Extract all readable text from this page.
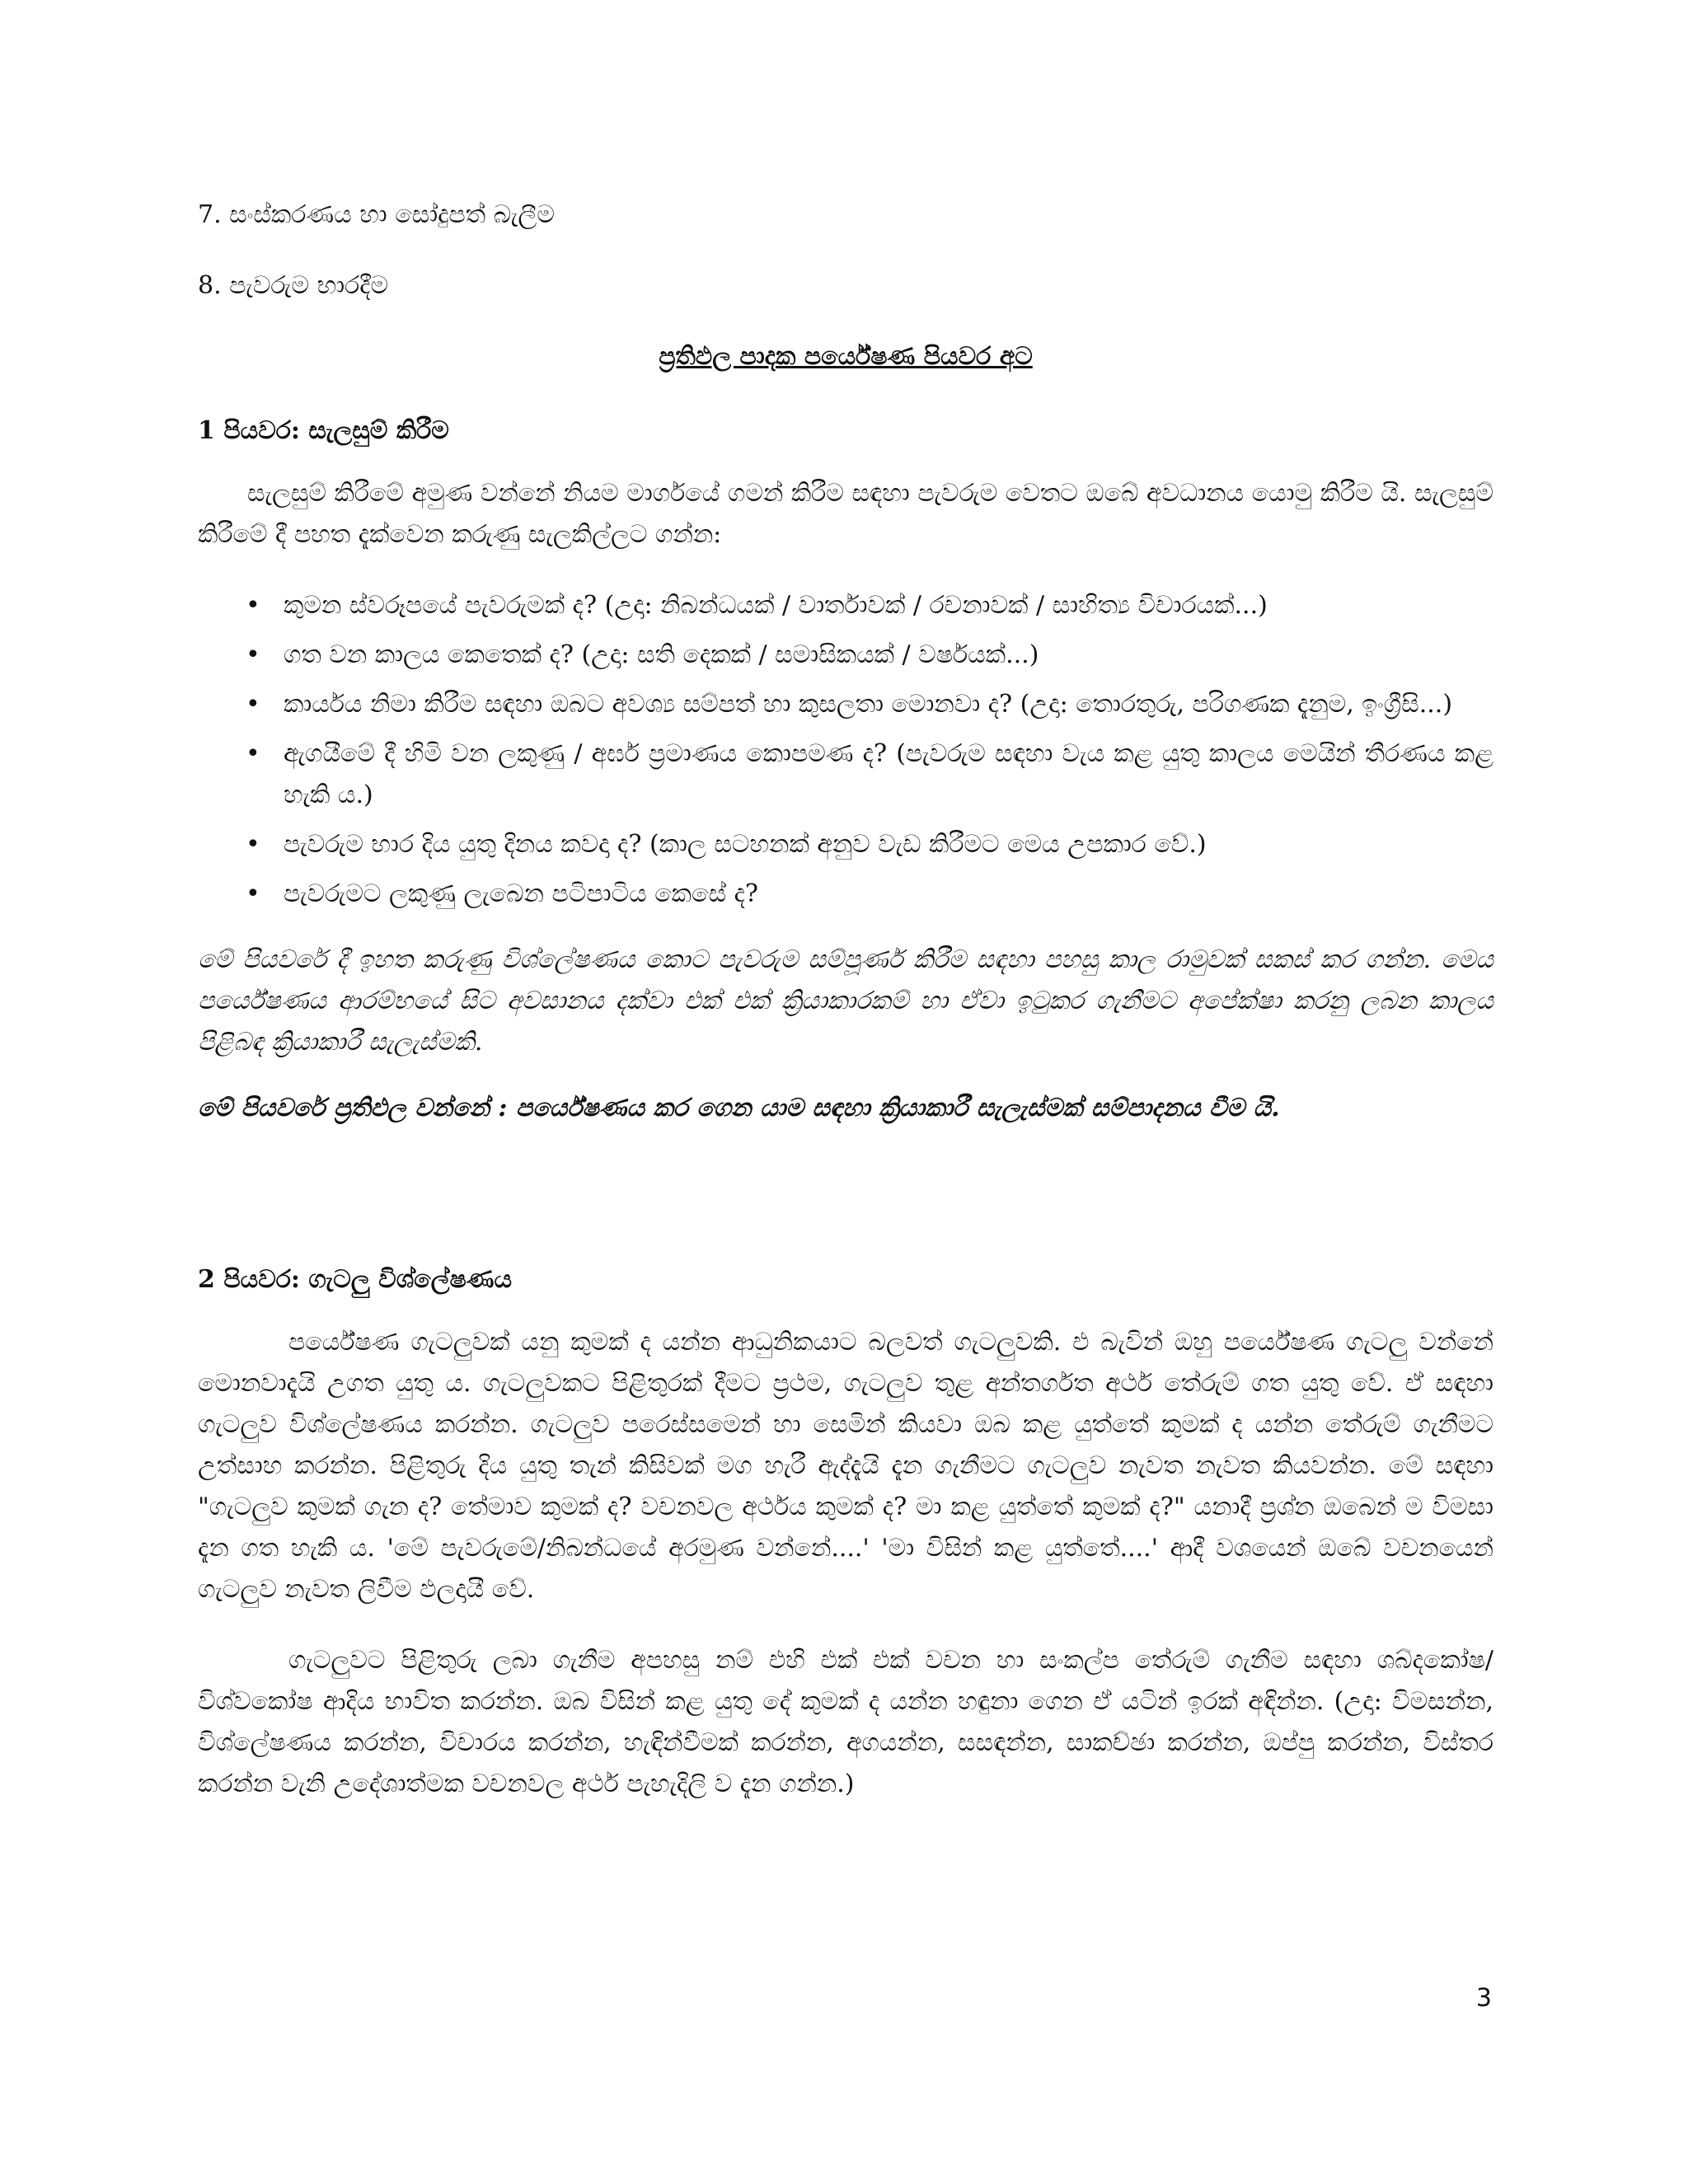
7. සංස්කරණය හා සෝදුපත් බැලීම

8. පැවරුම භාරදීම

ප්‍රතිඵල පාදක පර්යේෂණ පියවර අට

1 පියවර: සැලසුම් කිරීම

සැලසුම් කිරීමේ අමුණ වන්නේ නියම මාර්ගයේ ගමන් කිරීම සඳහා පැවරුම වෙතට ඔබේ අවධානය යොමු කිරීම යි. සැලසුම් කිරීමේ දී පහත දැක්වෙන කරුණු සැලකිල්ලට ගන්න:

• කුමන ස්වරූපයේ පැවරුමක් ද? (උදා: නිබන්ධයක් / වාර්තාවක් / රචනාවක් / සාහිත්‍ය විචාරයක්...)
• ගත වන කාලය කෙතෙක් ද? (උදා: සති දෙකක් / සමාසිකයක් / වර්ෂයක්...)
• කාර්යය නිමා කිරීම සඳහා ඔබට අවශ්‍ය සම්පත් හා කුසලතා මොනවා ද? (උදා: තොරතුරු, පරිගණක දැනුම, ඉංග්‍රීසි...)
• ඇගයීමේ දී හිමි වන ලකුණු / අර්ඝ ප්‍රමාණය කොපමණ ද? (පැවරුම සඳහා වැය කළ යුතු කාලය මෙයින් තීරණය කළ හැකි ය.)
• පැවරුම භාර දිය යුතු දිනය කවදා ද? (කාල සටහනක් අනුව වැඩ කිරීමට මෙය උපකාර වේ.)
• පැවරුමට ලකුණු ලැබෙන පටිපාටිය කෙසේ ද?

මේ පියවරේ දී ඉහත කරුණු විශ්ලේෂණය කොට පැවරුම සම්පූර්ණ කිරීම සඳහා පහසු කාල රාමුවක් සකස් කර ගන්න. මෙය පර්යේෂණය ආරම්භයේ සිට අවසානය දක්වා එක් එක් ක්‍රියාකාරකම් හා ඒවා ඉටුකර ගැනීමට අපේක්ෂා කරනු ලබන කාලය පිළිබඳ ක්‍රියාකාරී සැලැස්මකි.

මේ පියවරේ ප්‍රතිඵල වන්නේ : පර්යේෂණය කර ගෙන යාම සඳහා ක්‍රියාකාරී සැලැස්මක් සම්පාදනය වීම යි.

2 පියවර: ගැටලු විශ්ලේෂණය

පර්යේෂණ ගැටලුවක් යනු කුමක් ද යන්න ආධුනිකයාට බලවත් ගැටලුවකි. එ බැවින් ඔහු පර්යේෂණ ගැටලු වන්නේ මොනවාදැයි උගත යුතු ය. ගැටලුවකට පිළිතුරක් දීමට ප්‍රථම, ගැටලුව තුළ අන්තර්ගත අර්ථ තේරුම් ගත යුතු වේ. ඒ සඳහා ගැටලුව විශ්ලේෂණය කරන්න. ගැටලුව පරෙස්සමෙන් හා සෙමින් කියවා ඔබ කළ යුත්තේ කුමක් ද යන්න තේරුම් ගැනීමට උත්සාහ කරන්න. පිළිතුරු දිය යුතු තැන් කිසිවක් මග හැරී ඇද්දැයි දැන ගැනීමට ගැටලුව නැවත නැවත කියවන්න. මේ සඳහා "ගැටලුව කුමක් ගැන ද? තේමාව කුමක් ද? වචනවල අර්ථය කුමක් ද? මා කළ යුත්තේ කුමක් ද?" යනාදී ප්‍රශ්න ඔබෙන් ම විමසා දැන ගත හැකි ය. 'මේ පැවරුමේ/නිබන්ධයේ අරමුණ වන්නේ....' 'මා විසින් කළ යුත්තේ....' ආදී වශයෙන් ඔබේ වචනයෙන් ගැටලුව නැවත ලිවීම ඵලදායී වේ.

ගැටලුවට පිළිතුරු ලබා ගැනීම අපහසු නම් එහි එක් එක් වචන හා සංකල්ප තේරුම් ගැනීම සඳහා ශබ්දකෝෂ/විශ්වකෝෂ ආදිය භාවිත කරන්න. ඔබ විසින් කළ යුතු දේ කුමක් ද යන්න හඳුනා ගෙන ඒ යටින් ඉරක් අඳින්න. (උදා: විමසන්න, විශ්ලේෂණය කරන්න, විචාරය කරන්න, හැඳින්වීමක් කරන්න, අගයන්න, සසඳන්න, සාකච්ඡා කරන්න, ඔප්පු කරන්න, විස්තර කරන්න වැනි උදේශාත්මක වචනවල අර්ථ පැහැදිලි ව දැන ගන්න.)

3
